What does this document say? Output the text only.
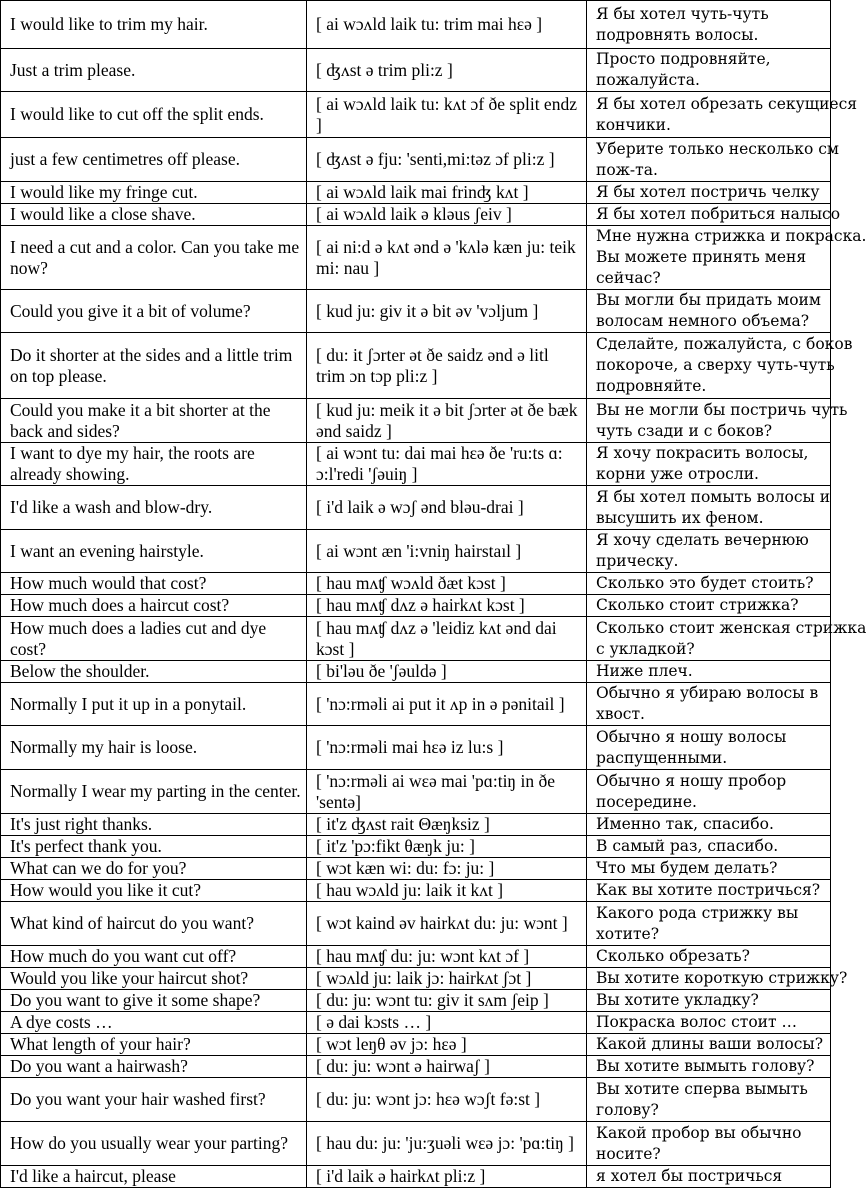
I would like to trim my hair.	[ ai wɔʌld laik tu: trim mai hɛə ]	Я бы хотел чуть-чуть
подровнять волосы.

Just a trim please.	[ ʤʌst ə trim pli:z ]	Просто подровняйте,
пожалуйста.

I would like to cut off the split ends.	[ ai wɔʌld laik tu: kʌt ɔf ðe split endz ]	Я бы хотел обрезать секущиеся
кончики.

just a few centimetres off please.	[ ʤʌst ə fju: 'senti,mi:təz ɔf pli:z ]	Уберите только несколько см
пож-та.

I would like my fringe cut.	[ ai wɔʌld laik mai frinʤ kʌt ]	Я бы хотел постричь челку

I would like a close shave.	[ ai wɔʌld laik ə kləus ʃeiv ]	Я бы хотел побриться налысо

I need a cut and a color. Can you take me now?	[ ai ni:d ə kʌt ənd ə 'kʌlə kæn ju: teik mi: nau ]	Мне нужна стрижка и покраска.
Вы можете принять меня
сейчас?

Could you give it a bit of volume?	[ kud ju: giv it ə bit əv 'vɔljum ]	Вы могли бы придать моим
волосам немного объема?

Do it shorter at the sides and a little trim on top please.	[ du: it ʃɔrter ət ðe saidz ənd ə litl trim ɔn tɔp pli:z ]	Сделайте, пожалуйста, с боков
покороче, а сверху чуть-чуть
подровняйте.

Could you make it a bit shorter at the back and sides?	[ kud ju: meik it ə bit ʃɔrter ət ðe bæk ənd saidz ]	Вы не могли бы постричь чуть
чуть сзади и с боков?

I want to dye my hair, the roots are already showing.	[ ai wɔnt tu: dai mai hɛə ðe 'ru:ts ɑ: ɔ:l'redi 'ʃəuiŋ ]	Я хочу покрасить волосы,
корни уже отросли.

I'd like a wash and blow-dry.	[ i'd laik ə wɔʃ ənd bləu-drai ]	Я бы хотел помыть волосы и
высушить их феном.

I want an evening hairstyle.	[ ai wɔnt æn 'i:vniŋ hairstaıl ]	Я хочу сделать вечернюю
прическу.

How much would that cost?	[ hau mʌʧ wɔʌld ðæt kɔst ]	Сколько это будет стоить?

How much does a haircut cost?	[ hau mʌʧ dʌz ə hairkʌt kɔst ]	Сколько стоит стрижка?

How much does a ladies cut and dye cost?	[ hau mʌʧ dʌz ə 'leidiz kʌt ənd dai kɔst ]	Сколько стоит женская стрижка
с укладкой?

Below the shoulder.	[ bi'ləu ðe 'ʃəuldə ]	Ниже плеч.

Normally I put it up in a ponytail.	[ 'nɔ:rməli ai put it ʌp in ə pənitail ]	Обычно я убираю волосы в
хвост.

Normally my hair is loose.	[ 'nɔ:rməli mai hɛə iz lu:s ]	Обычно я ношу волосы
распущенными.

Normally I wear my parting in the center.	[ 'nɔ:rməli ai wɛə mai 'pɑ:tiŋ in ðe 'sentə]	Обычно я ношу пробор
посередине.

It's just right thanks.	[ it'z ʤʌst rait Θæŋksiz ]	Именно так, спасибо.

It's perfect thank you.	[ it'z 'pɔ:fikt θæŋk ju: ]	В самый раз, спасибо.

What can we do for you?	[ wɔt kæn wi: du: fɔ: ju: ]	Что мы будем делать?

How would you like it cut?	[ hau wɔʌld ju: laik it kʌt ]	Как вы хотите постричься?

What kind of haircut do you want?	[ wɔt kaind əv hairkʌt du: ju: wɔnt ]	Какого рода стрижку вы
хотите?

How much do you want cut off?	[ hau mʌʧ du: ju: wɔnt kʌt ɔf ]	Сколько обрезать?

Would you like your haircut shot?	[ wɔʌld ju: laik jɔ: hairkʌt ʃɔt ]	Вы хотите короткую стрижку?

Do you want to give it some shape?	[ du: ju: wɔnt tu: giv it sʌm ʃeip ]	Вы хотите укладку?

A dye costs …	[ ə dai kɔsts … ]	Покраска волос стоит …

What length of your hair?	[ wɔt leŋθ əv jɔ: hɛə ]	Какой длины ваши волосы?

Do you want a hairwash?	[ du: ju: wɔnt ə hairwaʃ ]	Вы хотите вымыть голову?

Do you want your hair washed first?	[ du: ju: wɔnt jɔ: hɛə wɔʃt fə:st ]	Вы хотите сперва вымыть
голову?

How do you usually wear your parting?	[ hau du: ju: 'ju:ʒuəli wɛə jɔ: 'pɑ:tiŋ ]	Какой пробор вы обычно
носите?

I'd like a haircut, please	[ i'd laik ə hairkʌt pli:z ]	я хотел бы постричься
